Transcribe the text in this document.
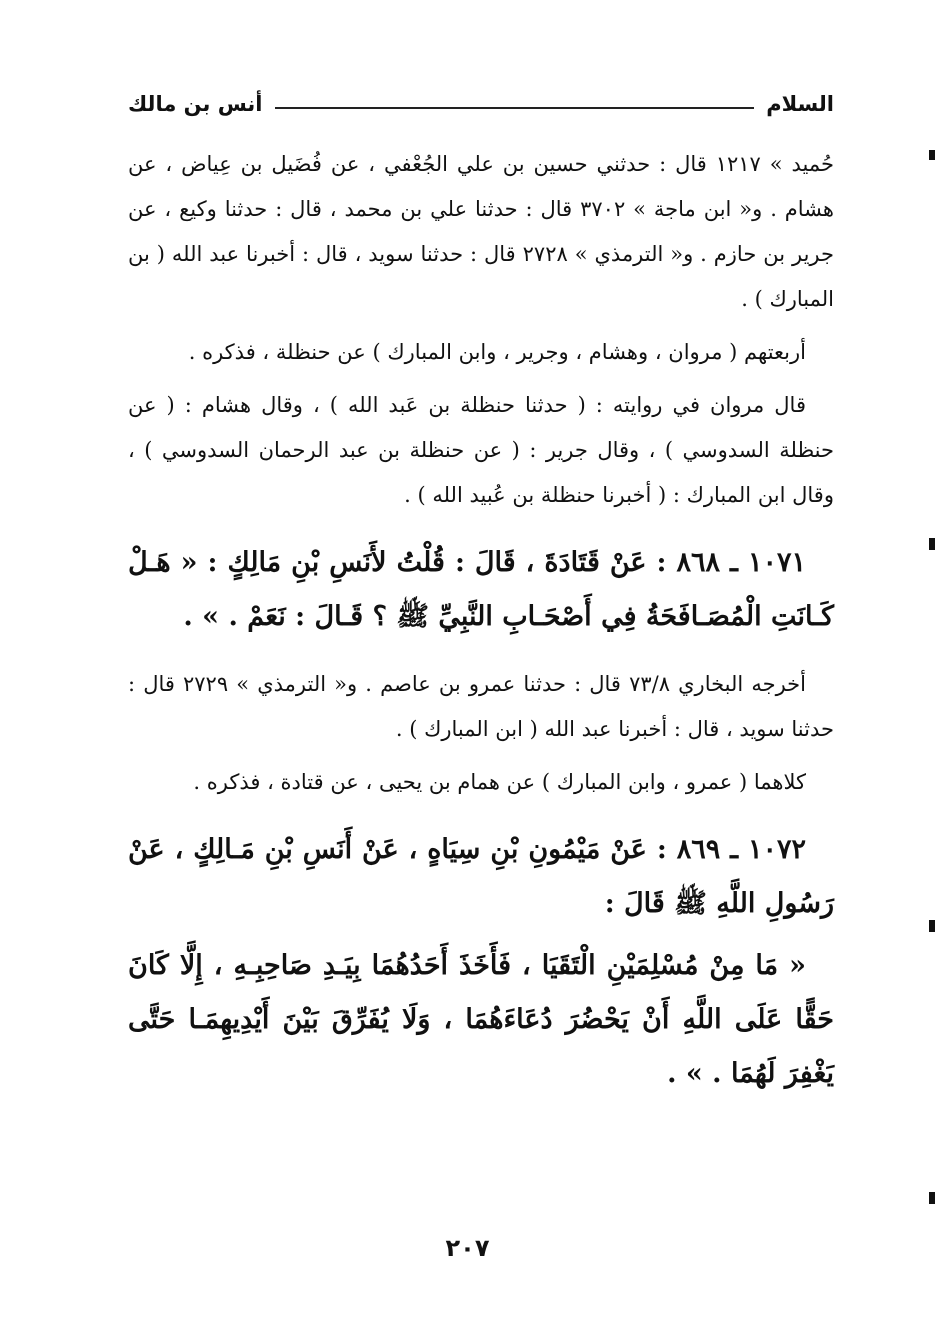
السلام
أنس بن مالك

حُميد » ١٢١٧ قال : حدثني حسين بن علي الجُعْفي ، عن فُضَيل بن عِياض ، عن هشام . و« ابن ماجة » ٣٧٠٢ قال : حدثنا علي بن محمد ، قال : حدثنا وكيع ، عن جرير بن حازم . و« الترمذي » ٢٧٢٨ قال : حدثنا سويد ، قال : أخبرنا عبد الله ( بن المبارك ) .

أربعتهم ( مروان ، وهشام ، وجرير ، وابن المبارك ) عن حنظلة ، فذكره .

قال مروان في روايته : ( حدثنا حنظلة بن عَبد الله ) ، وقال هشام : ( عن حنظلة السدوسي ) ، وقال جرير : ( عن حنظلة بن عبد الرحمان السدوسي ) ، وقال ابن المبارك : ( أخبرنا حنظلة بن عُبيد الله ) .

١٠٧١ ـ ٨٦٨ : عَنْ قَتَادَةَ ، قَالَ : قُلْتُ لأَنَسِ بْنِ مَالِكٍ : « هَـلْ كَـانَتِ الْمُصَـافَحَةُ فِي أَصْحَـابِ النَّبِيِّ ﷺ ؟ قَـالَ : نَعَمْ . » .

أخرجه البخاري ٧٣/٨ قال : حدثنا عمرو بن عاصم . و« الترمذي » ٢٧٢٩ قال : حدثنا سويد ، قال : أخبرنا عبد الله ( ابن المبارك ) .

كلاهما ( عمرو ، وابن المبارك ) عن همام بن يحيى ، عن قتادة ، فذكره .

١٠٧٢ ـ ٨٦٩ : عَنْ مَيْمُونِ بْنِ سِيَاهٍ ، عَنْ أَنَسِ بْنِ مَـالِكٍ ، عَنْ رَسُولِ اللَّهِ ﷺ قَالَ :

« مَا مِنْ مُسْلِمَيْنِ الْتَقَيَا ، فَأَخَذَ أَحَدُهُمَا بِيَـدِ صَاحِبِـهِ ، إِلَّا كَانَ حَقًّا عَلَى اللَّهِ أَنْ يَحْضُرَ دُعَاءَهُمَا ، وَلَا يُفَرِّقَ بَيْنَ أَيْدِيهِمَـا حَتَّى يَغْفِرَ لَهُمَا . » .

٢٠٧
